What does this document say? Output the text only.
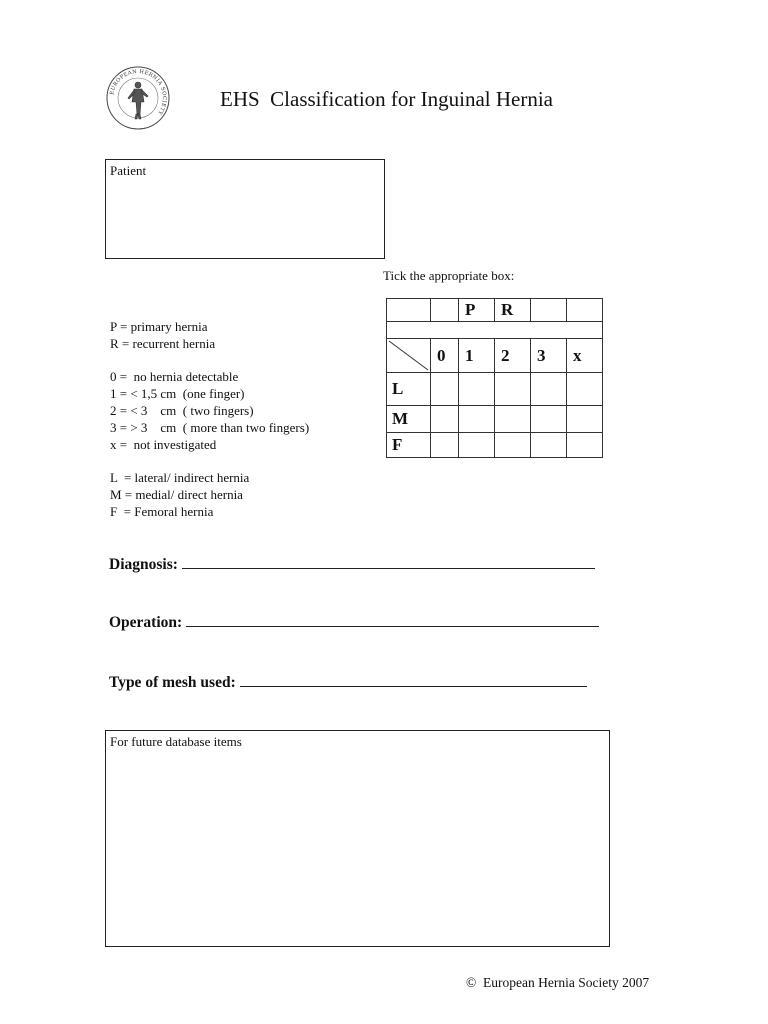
EUROPEAN HERNIA SOCIETY
EHS  Classification for Inguinal Hernia
Patient
Tick the appropriate box:
P = primary hernia
R = recurrent hernia
0 =  no hernia detectable
1 = < 1,5 cm  (one finger)
2 = < 3    cm  ( two fingers)
3 = > 3    cm  ( more than two fingers)
x =  not investigated
L  = lateral/ indirect hernia
M = medial/ direct hernia
F  = Femoral hernia
		P	R		

	0	1	2	3	x
L					
M					
F					
Diagnosis:
Operation:
Type of mesh used:
For future database items
©  European Hernia Society 2007
